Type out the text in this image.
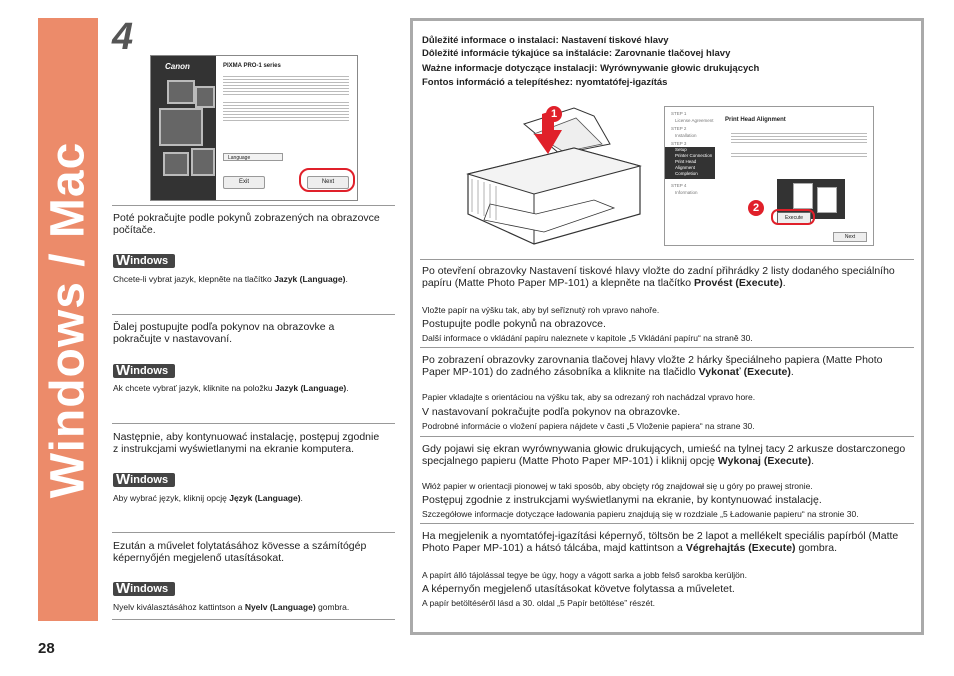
Windows / Mac
28
4
Canon	PIXMA PRO-1 series
Language
Exit	Next
Poté pokračujte podle pokynů zobrazených na obrazovce počítače.
Windows
Chcete-li vybrat jazyk, klepněte na tlačítko Jazyk (Language).
Ďalej postupujte podľa pokynov na obrazovke a pokračujte v nastavovaní.
Windows
Ak chcete vybrať jazyk, kliknite na položku Jazyk (Language).
Następnie, aby kontynuować instalację, postępuj zgodnie z instrukcjami wyświetlanymi na ekranie komputera.
Windows
Aby wybrać język, kliknij opcję Język (Language).
Ezután a művelet folytatásához kövesse a számítógép képernyőjén megjelenő utasításokat.
Windows
Nyelv kiválasztásához kattintson a Nyelv (Language) gombra.
Důležité informace o instalaci: Nastavení tiskové hlavy
Dôležité informácie týkajúce sa inštalácie: Zarovnanie tlačovej hlavy
Ważne informacje dotyczące instalacji: Wyrównywanie głowic drukujących
Fontos információ a telepítéshez: nyomtatófej-igazítás
1	STEP 1
License Agreement
STEP 2
Installation
STEP 3
Setup
Printer Connection
Print Head Alignment
Completion
STEP 4
Information
Print Head Alignment
Execute
Next
2
Po otevření obrazovky Nastavení tiskové hlavy vložte do zadní přihrádky 2 listy dodaného speciálního papíru (Matte Photo Paper MP-101) a klepněte na tlačítko Provést (Execute).
Vložte papír na výšku tak, aby byl seříznutý roh vpravo nahoře.
Postupujte podle pokynů na obrazovce.
Další informace o vkládání papíru naleznete v kapitole „5 Vkládání papíru“ na straně 30.
Po zobrazení obrazovky zarovnania tlačovej hlavy vložte 2 hárky špeciálneho papiera (Matte Photo Paper MP-101) do zadného zásobníka a kliknite na tlačidlo Vykonať (Execute).
Papier vkladajte s orientáciou na výšku tak, aby sa odrezaný roh nachádzal vpravo hore.
V nastavovaní pokračujte podľa pokynov na obrazovke.
Podrobné informácie o vložení papiera nájdete v časti „5 Vloženie papiera“ na strane 30.
Gdy pojawi się ekran wyrównywania głowic drukujących, umieść na tylnej tacy 2 arkusze dostarczonego specjalnego papieru (Matte Photo Paper MP-101) i kliknij opcję Wykonaj (Execute).
Włóż papier w orientacji pionowej w taki sposób, aby obcięty róg znajdował się u góry po prawej stronie.
Postępuj zgodnie z instrukcjami wyświetlanymi na ekranie, by kontynuować instalację.
Szczegółowe informacje dotyczące ładowania papieru znajdują się w rozdziale „5 Ładowanie papieru“ na stronie 30.
Ha megjelenik a nyomtatófej-igazítási képernyő, töltsön be 2 lapot a mellékelt speciális papírból (Matte Photo Paper MP-101) a hátsó tálcába, majd kattintson a Végrehajtás (Execute) gombra.
A papírt álló tájolással tegye be úgy, hogy a vágott sarka a jobb felső sarokba kerüljön.
A képernyőn megjelenő utasításokat követve folytassa a műveletet.
A papír betöltéséről lásd a 30. oldal „5 Papír betöltése” részét.
